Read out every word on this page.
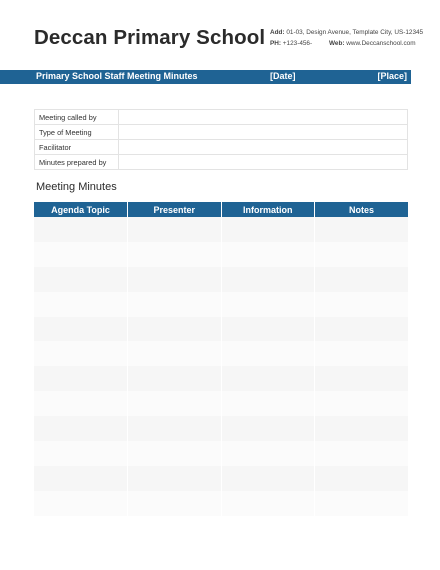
Deccan Primary School Add: 01-03, Design Avenue, Template City, US-12345
PH: +123-456-	Web: www.Deccanschool.com
Primary School Staff Meeting Minutes	[Date]	[Place]
Meeting called by	
Type of Meeting	
Facilitator	
Minutes prepared by	
Meeting Minutes
Agenda Topic	Presenter	Information	Notes
